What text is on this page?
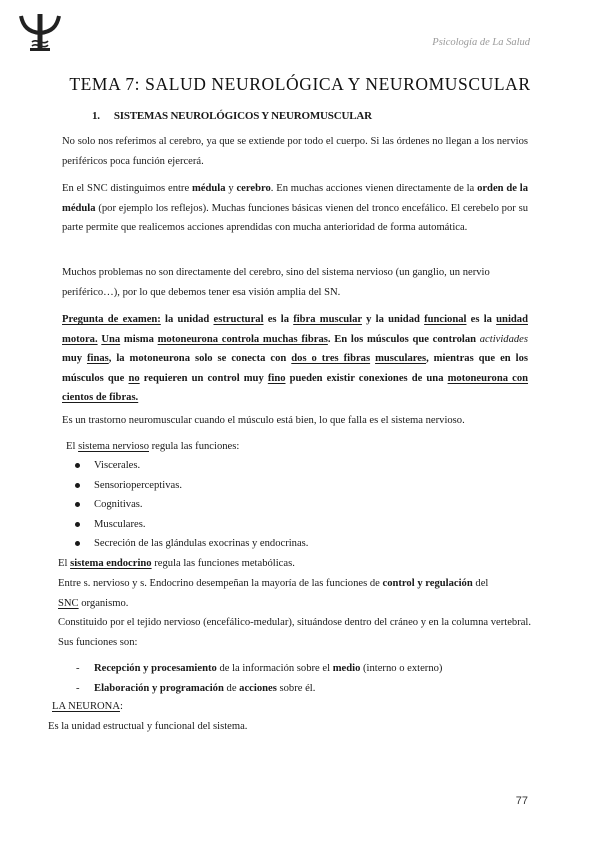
Psicología de La Salud
TEMA 7: SALUD NEUROLÓGICA Y NEUROMUSCULAR
1. SISTEMAS NEUROLÓGICOS Y NEUROMUSCULAR

No solo nos referimos al cerebro, ya que se extiende por todo el cuerpo. Si las órdenes no llegan a los nervios periféricos poca función ejercerá.

En el SNC distinguimos entre médula y cerebro. En muchas acciones vienen directamente de la orden de la médula (por ejemplo los reflejos). Muchas funciones básicas vienen del tronco encefálico. El cerebelo por su parte permite que realicemos acciones aprendidas con mucha anterioridad de forma automática.

Muchos problemas no son directamente del cerebro, sino del sistema nervioso (un ganglio, un nervio periférico…), por lo que debemos tener esa visión amplia del SN.

Pregunta de examen: la unidad estructural es la fibra muscular y la unidad funcional es la unidad motora. Una misma motoneurona controla muchas fibras. En los músculos que controlan actividades muy finas, la motoneurona solo se conecta con dos o tres fibras musculares, mientras que en los músculos que no requieren un control muy fino pueden existir conexiones de una motoneurona con cientos de fibras.

Es un trastorno neuromuscular cuando el músculo está bien, lo que falla es el sistema nervioso.

El sistema nervioso regula las funciones:

Viscerales.
Sensorioperceptivas.
Cognitivas.
Musculares.
Secreción de las glándulas exocrinas y endocrinas.

El sistema endocrino regula las funciones metabólicas.

Entre s. nervioso y s. Endocrino desempeñan la mayoría de las funciones de control y regulación del
SNC organismo.

Constituido por el tejido nervioso (encefálico-medular), situándose dentro del cráneo y en la columna vertebral. Sus funciones son:

- Recepción y procesamiento de la información sobre el medio (interno o externo)
- Elaboración y programación de acciones sobre él.

LA NEURONA:

Es la unidad estructual y funcional del sistema.

77
